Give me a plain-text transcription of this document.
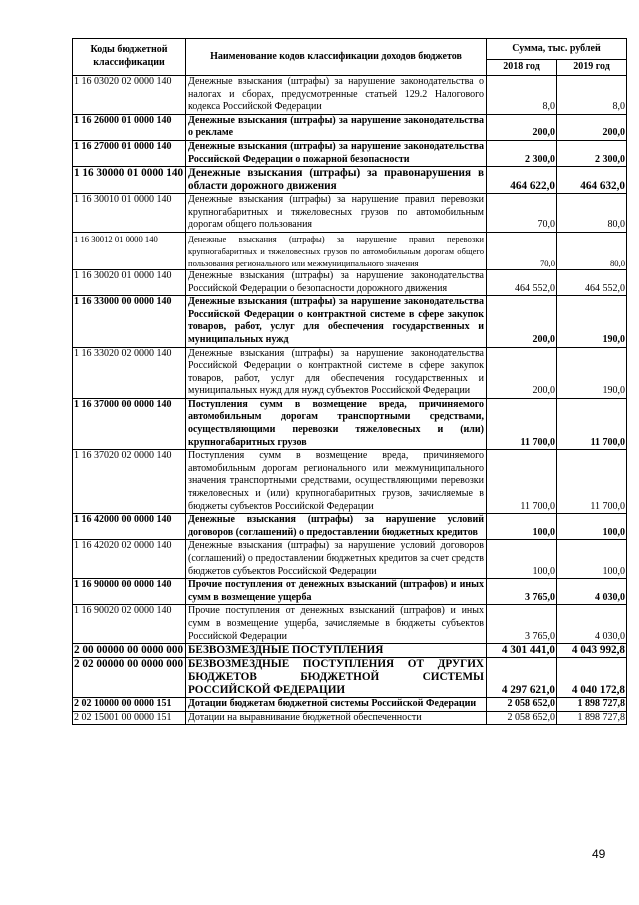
Коды бюджетной классификации	Наименование кодов классификации доходов бюджетов	Сумма, тыс. рублей	
		2018 год	2019 год
1 16 03020 02 0000 140	Денежные взыскания (штрафы) за нарушение законодательства о налогах и сборах, предусмотренные статьей 129.2 Налогового кодекса Российской Федерации	8,0	8,0
1 16 26000 01 0000 140	Денежные взыскания (штрафы) за нарушение законодательства о рекламе	200,0	200,0
1 16 27000 01 0000 140	Денежные взыскания (штрафы) за нарушение законодательства Российской Федерации о пожарной безопасности	2 300,0	2 300,0
1 16 30000 01 0000 140	Денежные взыскания (штрафы) за правонарушения в области дорожного движения	464 622,0	464 632,0
1 16 30010 01 0000 140	Денежные взыскания (штрафы) за нарушение правил перевозки крупногабаритных и тяжеловесных грузов по автомобильным дорогам общего пользования	70,0	80,0
1 16 30012 01 0000 140	Денежные взыскания (штрафы) за нарушение правил перевозки крупногабаритных и тяжеловесных грузов по автомобильным дорогам общего пользования регионального или межмуниципального значения	70,0	80,0
1 16 30020 01 0000 140	Денежные взыскания (штрафы) за нарушение законодательства Российской Федерации о безопасности дорожного движения	464 552,0	464 552,0
1 16 33000 00 0000 140	Денежные взыскания (штрафы) за нарушение законодательства Российской Федерации о контрактной системе в сфере закупок товаров, работ, услуг для обеспечения государственных и муниципальных нужд	200,0	190,0
1 16 33020 02 0000 140	Денежные взыскания (штрафы) за нарушение законодательства Российской Федерации о контрактной системе в сфере закупок товаров, работ, услуг для обеспечения государственных и муниципальных нужд для нужд субъектов Российской Федерации	200,0	190,0
1 16 37000 00 0000 140	Поступления сумм в возмещение вреда, причиняемого автомобильным дорогам транспортными средствами, осуществляющими перевозки тяжеловесных и (или) крупногабаритных грузов	11 700,0	11 700,0
1 16 37020 02 0000 140	Поступления сумм в возмещение вреда, причиняемого автомобильным дорогам регионального или межмуниципального значения транспортными средствами, осуществляющими перевозки тяжеловесных и (или) крупногабаритных грузов, зачисляемые в бюджеты субъектов Российской Федерации	11 700,0	11 700,0
1 16 42000 00 0000 140	Денежные взыскания (штрафы) за нарушение условий договоров (соглашений) о предоставлении бюджетных кредитов	100,0	100,0
1 16 42020 02 0000 140	Денежные взыскания (штрафы) за нарушение условий договоров (соглашений) о предоставлении бюджетных кредитов за счет средств бюджетов субъектов Российской Федерации	100,0	100,0
1 16 90000 00 0000 140	Прочие поступления от денежных взысканий (штрафов) и иных сумм в возмещение ущерба	3 765,0	4 030,0
1 16 90020 02 0000 140	Прочие поступления от денежных взысканий (штрафов) и иных сумм в возмещение ущерба, зачисляемые в бюджеты субъектов Российской Федерации	3 765,0	4 030,0
2 00 00000 00 0000 000	БЕЗВОЗМЕЗДНЫЕ ПОСТУПЛЕНИЯ	4 301 441,0	4 043 992,8
2 02 00000 00 0000 000	БЕЗВОЗМЕЗДНЫЕ ПОСТУПЛЕНИЯ ОТ ДРУГИХ БЮДЖЕТОВ БЮДЖЕТНОЙ СИСТЕМЫ РОССИЙСКОЙ ФЕДЕРАЦИИ	4 297 621,0	4 040 172,8
2 02 10000 00 0000 151	Дотации бюджетам бюджетной системы Российской Федерации	2 058 652,0	1 898 727,8
2 02 15001 00 0000 151	Дотации на выравнивание бюджетной обеспеченности	2 058 652,0	1 898 727,8
49
